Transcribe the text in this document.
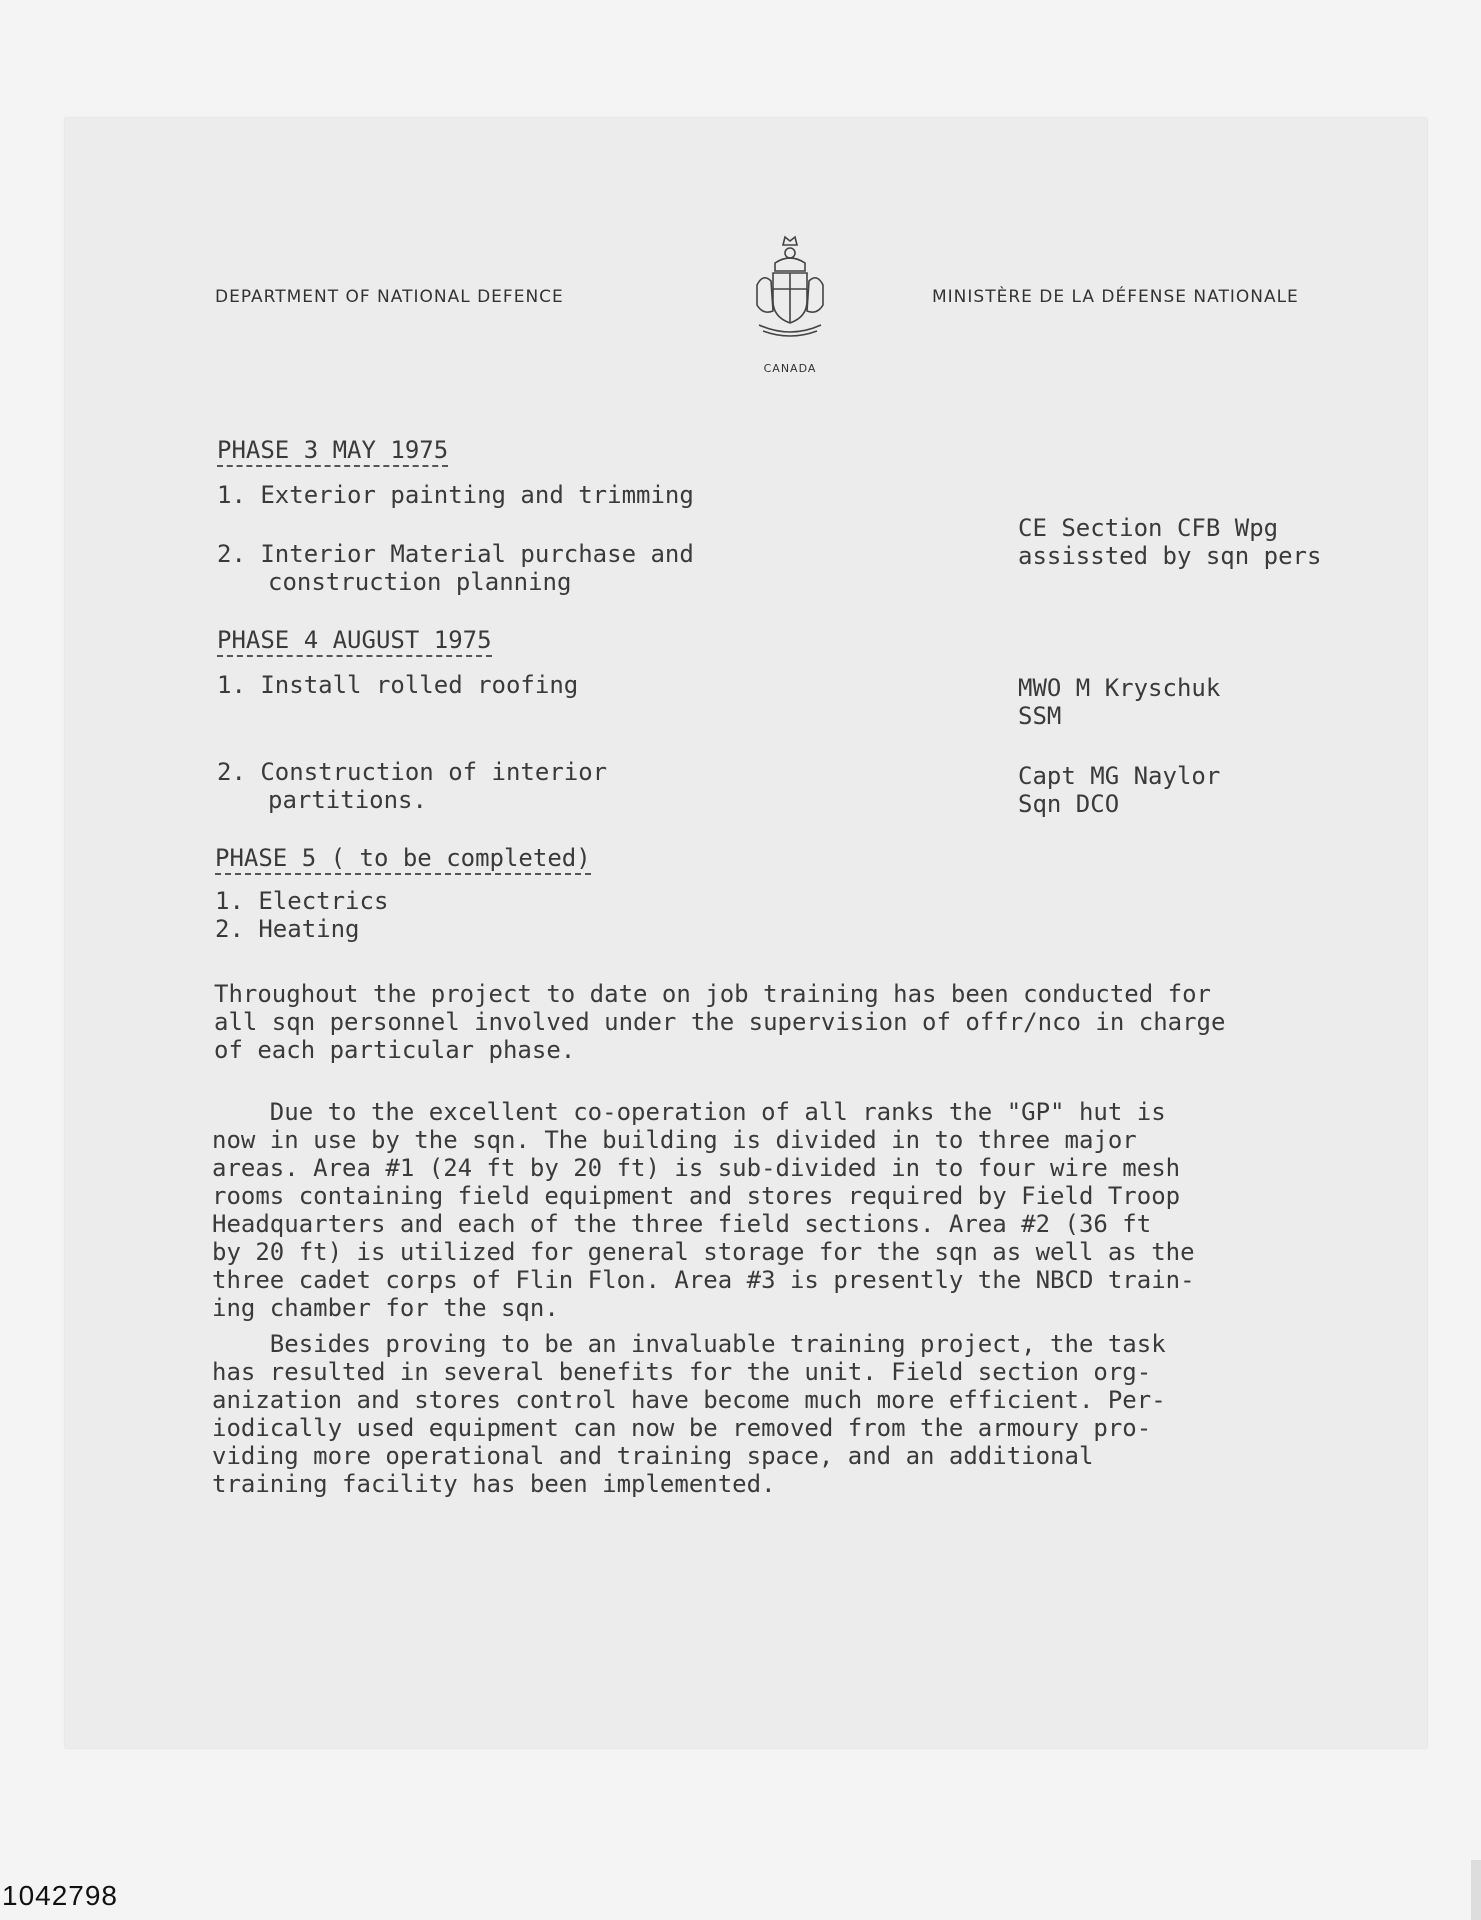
DEPARTMENT OF NATIONAL DEFENCE
CANADA
MINISTÈRE DE LA DÉFENSE NATIONALE
PHASE 3 MAY 1975
1. Exterior painting and trimming
2. Interior Material purchase and
construction planning
CE Section CFB Wpg
assissted by sqn pers
PHASE 4 AUGUST 1975
1. Install rolled roofing
2. Construction of interior
partitions.
MWO M Kryschuk
SSM
Capt MG Naylor
Sqn DCO
PHASE 5 ( to be completed)
1. Electrics
2. Heating
Throughout the project to date on job training has been conducted for
all sqn personnel involved under the supervision of offr/nco in charge
of each particular phase.
Due to the excellent co-operation of all ranks the "GP" hut is
now in use by the sqn. The building is divided in to three major
areas. Area #1 (24 ft by 20 ft) is sub-divided in to four wire mesh
rooms containing field equipment and stores required by Field Troop
Headquarters and each of the three field sections. Area #2 (36 ft
by 20 ft) is utilized for general storage for the sqn as well as the
three cadet corps of Flin Flon. Area #3 is presently the NBCD train-
ing chamber for the sqn.
Besides proving to be an invaluable training project, the task
has resulted in several benefits for the unit. Field section org-
anization and stores control have become much more efficient. Per-
iodically used equipment can now be removed from the armoury pro-
viding more operational and training space, and an additional
training facility has been implemented.
1042798
